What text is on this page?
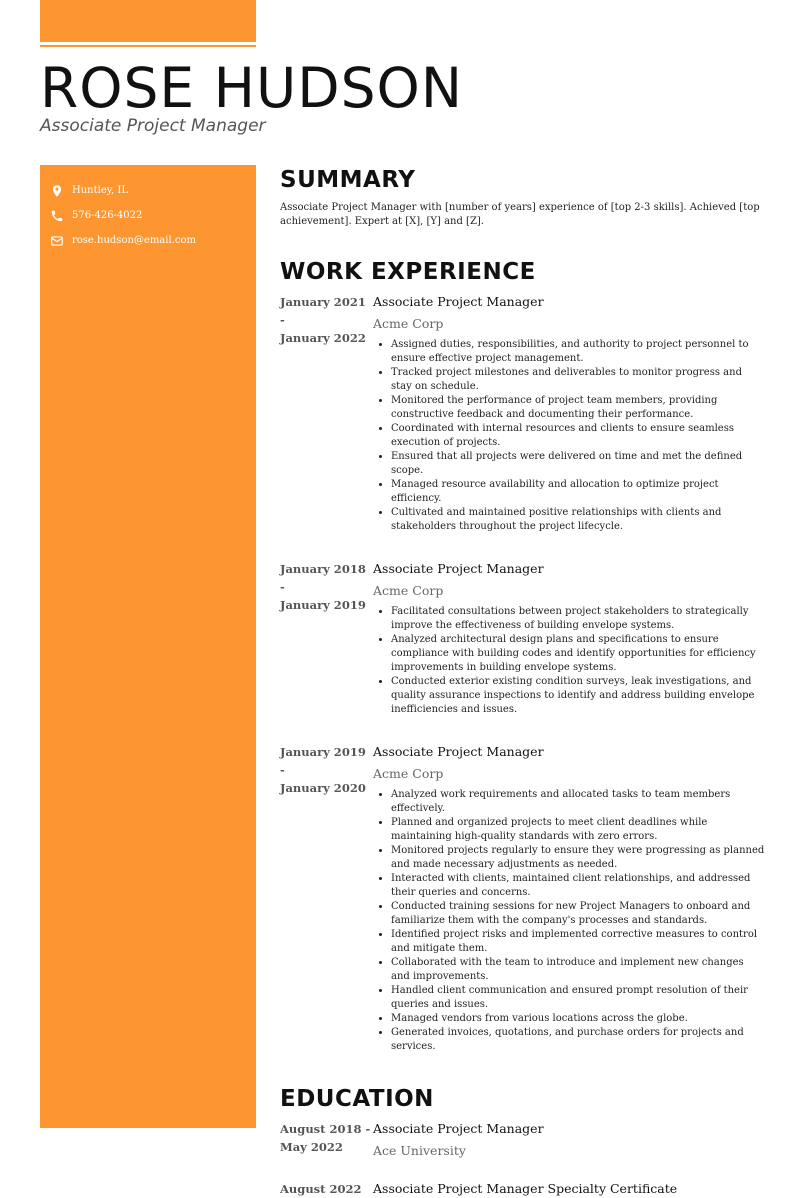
ROSE HUDSON
Associate Project Manager
Huntley, IL
576-426-4022
rose.hudson@email.com
SUMMARY

Associate Project Manager with [number of years] experience of [top 2-3 skills]. Achieved [top achievement]. Expert at [X], [Y] and [Z].

WORK EXPERIENCE
January 2021 -
January 2022
Associate Project Manager
Acme Corp
• Assigned duties, responsibilities, and authority to project personnel to ensure effective project management.
• Tracked project milestones and deliverables to monitor progress and stay on schedule.
• Monitored the performance of project team members, providing constructive feedback and documenting their performance.
• Coordinated with internal resources and clients to ensure seamless execution of projects.
• Ensured that all projects were delivered on time and met the defined scope.
• Managed resource availability and allocation to optimize project efficiency.
• Cultivated and maintained positive relationships with clients and stakeholders throughout the project lifecycle.
January 2018 -
January 2019
Associate Project Manager
Acme Corp
• Facilitated consultations between project stakeholders to strategically improve the effectiveness of building envelope systems.
• Analyzed architectural design plans and specifications to ensure compliance with building codes and identify opportunities for efficiency improvements in building envelope systems.
• Conducted exterior existing condition surveys, leak investigations, and quality assurance inspections to identify and address building envelope inefficiencies and issues.
January 2019 -
January 2020
Associate Project Manager
Acme Corp
• Analyzed work requirements and allocated tasks to team members effectively.
• Planned and organized projects to meet client deadlines while maintaining high-quality standards with zero errors.
• Monitored projects regularly to ensure they were progressing as planned and made necessary adjustments as needed.
• Interacted with clients, maintained client relationships, and addressed their queries and concerns.
• Conducted training sessions for new Project Managers to onboard and familiarize them with the company's processes and standards.
• Identified project risks and implemented corrective measures to control and mitigate them.
• Collaborated with the team to introduce and implement new changes and improvements.
• Handled client communication and ensured prompt resolution of their queries and issues.
• Managed vendors from various locations across the globe.
• Generated invoices, quotations, and purchase orders for projects and services.
EDUCATION
August 2018 -
May 2022
Associate Project Manager
Ace University
August 2022 Associate Project Manager Specialty Certificate
